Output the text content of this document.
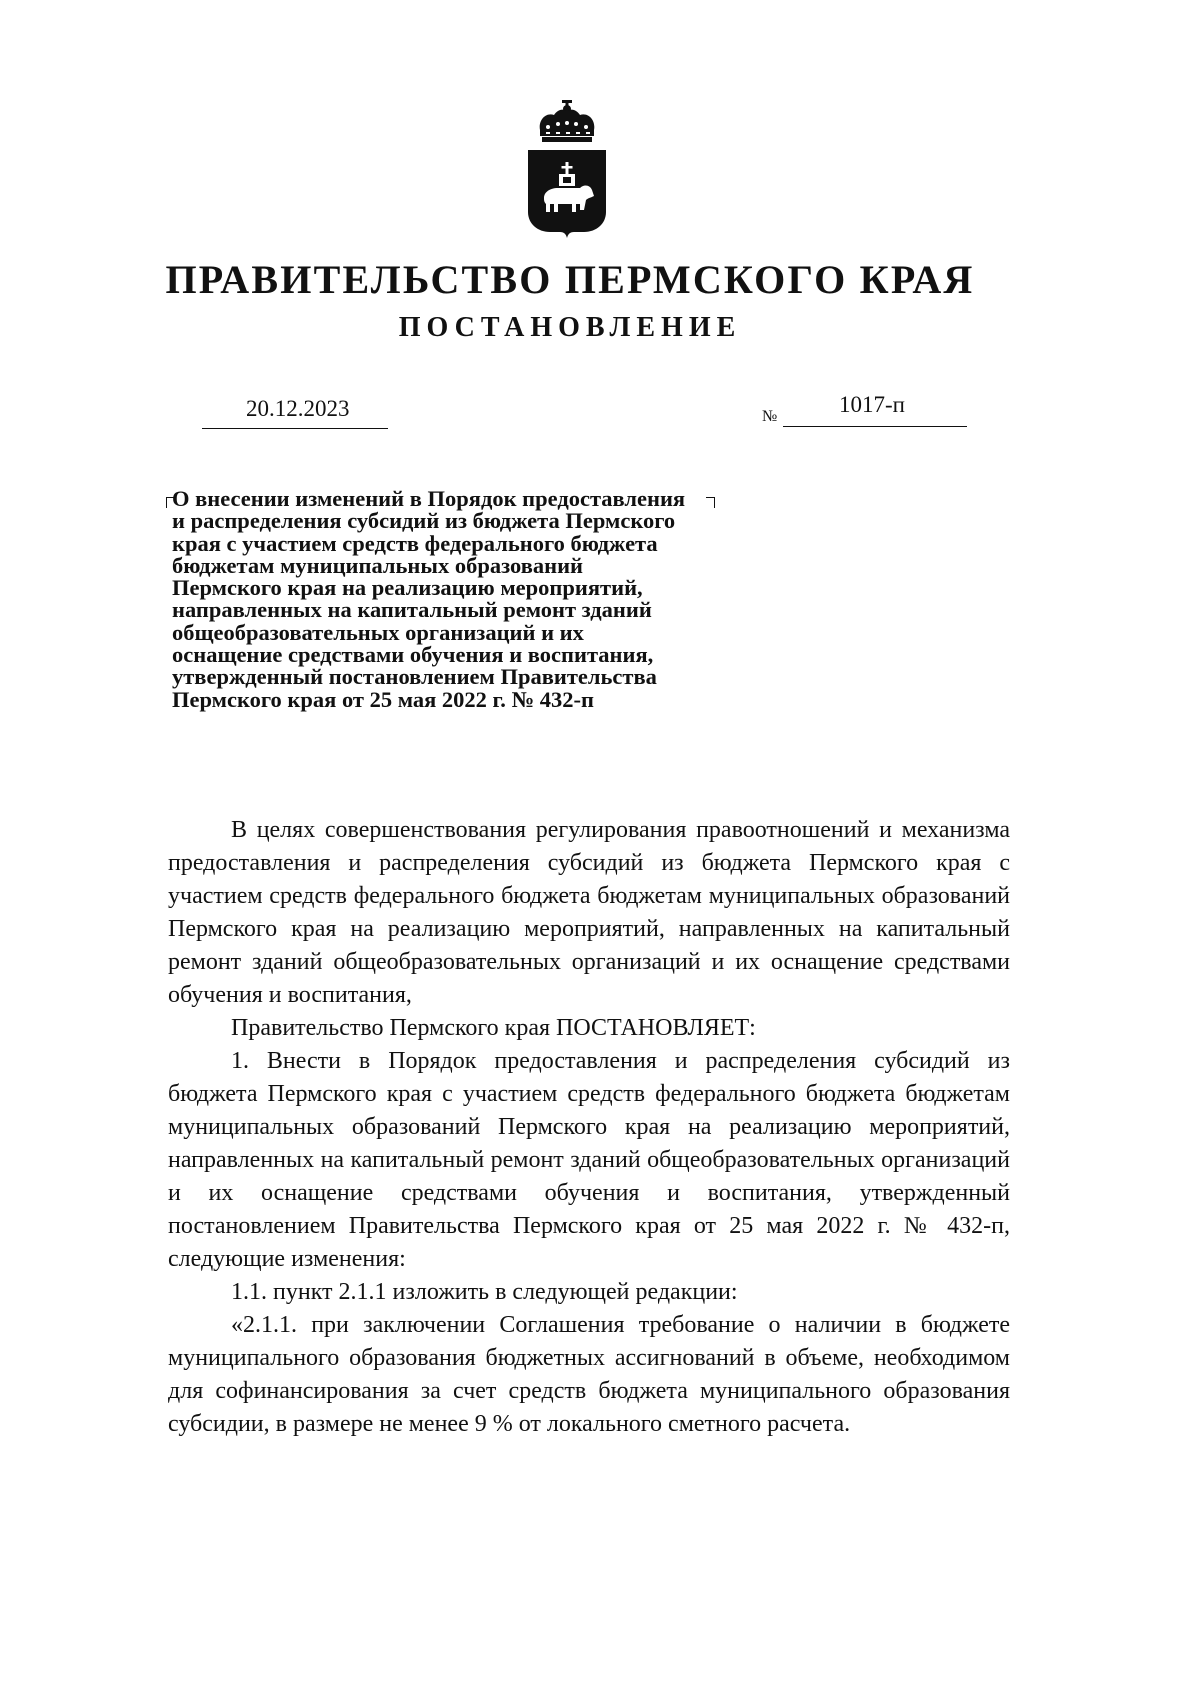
ПРАВИТЕЛЬСТВО ПЕРМСКОГО КРАЯ
ПОСТАНОВЛЕНИЕ
20.12.2023	№	1017-п
О внесении изменений в Порядок предоставления
и распределения субсидий из бюджета Пермского
края с участием средств федерального бюджета
бюджетам муниципальных образований
Пермского края на реализацию мероприятий,
направленных на капитальный ремонт зданий
общеобразовательных организаций и их
оснащение средствами обучения и воспитания,
утвержденный постановлением Правительства
Пермского края от 25 мая 2022 г. № 432-п

В целях совершенствования регулирования правоотношений и механизма предоставления и распределения субсидий из бюджета Пермского края с участием средств федерального бюджета бюджетам муниципальных образований Пермского края на реализацию мероприятий, направленных на капитальный ремонт зданий общеобразовательных организаций и их оснащение средствами обучения и воспитания,

Правительство Пермского края ПОСТАНОВЛЯЕТ:

1. Внести в Порядок предоставления и распределения субсидий из бюджета Пермского края с участием средств федерального бюджета бюджетам муниципальных образований Пермского края на реализацию мероприятий, направленных на капитальный ремонт зданий общеобразовательных организаций и их оснащение средствами обучения и воспитания, утвержденный постановлением Правительства Пермского края от 25 мая 2022 г. № 432-п, следующие изменения:

1.1. пункт 2.1.1 изложить в следующей редакции:

«2.1.1. при заключении Соглашения требование о наличии в бюджете муниципального образования бюджетных ассигнований в объеме, необходимом для софинансирования за счет средств бюджета муниципального образования субсидии, в размере не менее 9 % от локального сметного расчета.
